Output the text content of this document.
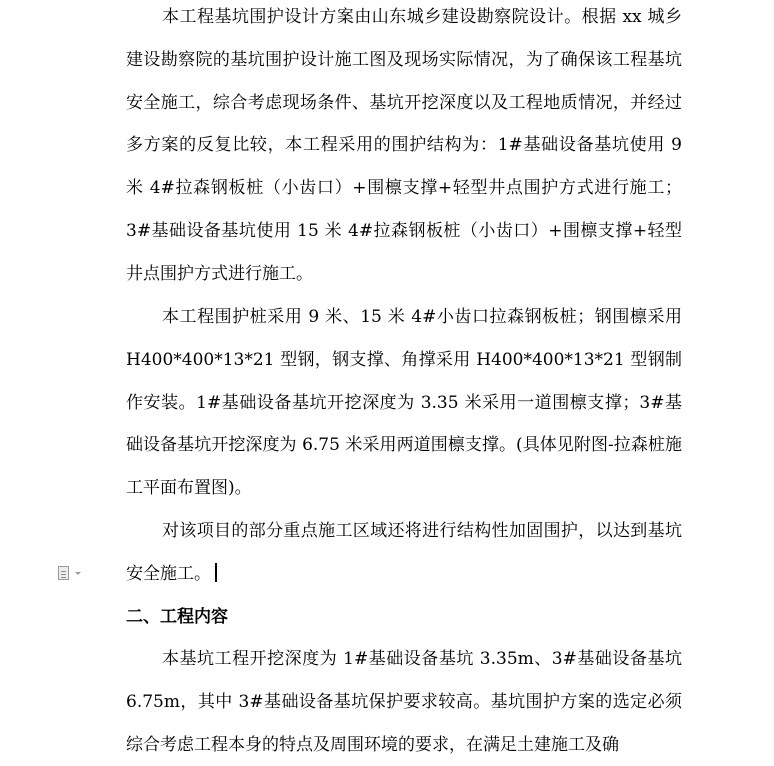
本工程基坑围护设计方案由山东城乡建设勘察院设计。根据 xx 城乡建设勘察院的基坑围护设计施工图及现场实际情况，为了确保该工程基坑安全施工，综合考虑现场条件、基坑开挖深度以及工程地质情况，并经过多方案的反复比较，本工程采用的围护结构为：1#基础设备基坑使用 9 米 4#拉森钢板桩（小齿口）+围檩支撑+轻型井点围护方式进行施工；3#基础设备基坑使用 15 米 4#拉森钢板桩（小齿口）+围檩支撑+轻型井点围护方式进行施工。

本工程围护桩采用 9 米、15 米 4#小齿口拉森钢板桩；钢围檩采用 H400*400*13*21 型钢，钢支撑、角撑采用 H400*400*13*21 型钢制作安装。1#基础设备基坑开挖深度为 3.35 米采用一道围檩支撑；3#基础设备基坑开挖深度为 6.75 米采用两道围檩支撑。(具体见附图-拉森桩施工平面布置图)。

对该项目的部分重点施工区域还将进行结构性加固围护，以达到基坑安全施工。
二、工程内容

本基坑工程开挖深度为 1#基础设备基坑 3.35m、3#基础设备基坑 6.75m，其中 3#基础设备基坑保护要求较高。基坑围护方案的选定必须综合考虑工程本身的特点及周围环境的要求，在满足土建施工及确
